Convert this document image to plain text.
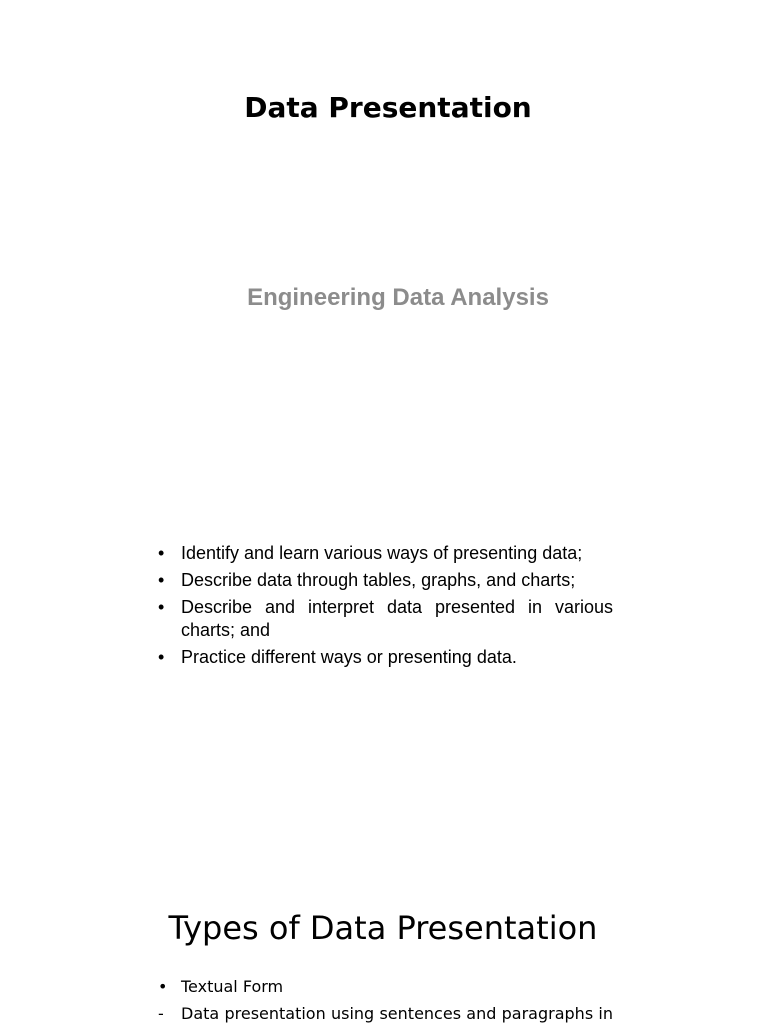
Data Presentation
Engineering Data Analysis
• Identify and learn various ways of presenting data;
• Describe data through tables, graphs, and charts;
• Describe and interpret data presented in various charts; and
• Practice different ways or presenting data.
Types of Data Presentation
• Textual Form
-	Data presentation using sentences and paragraphs in
